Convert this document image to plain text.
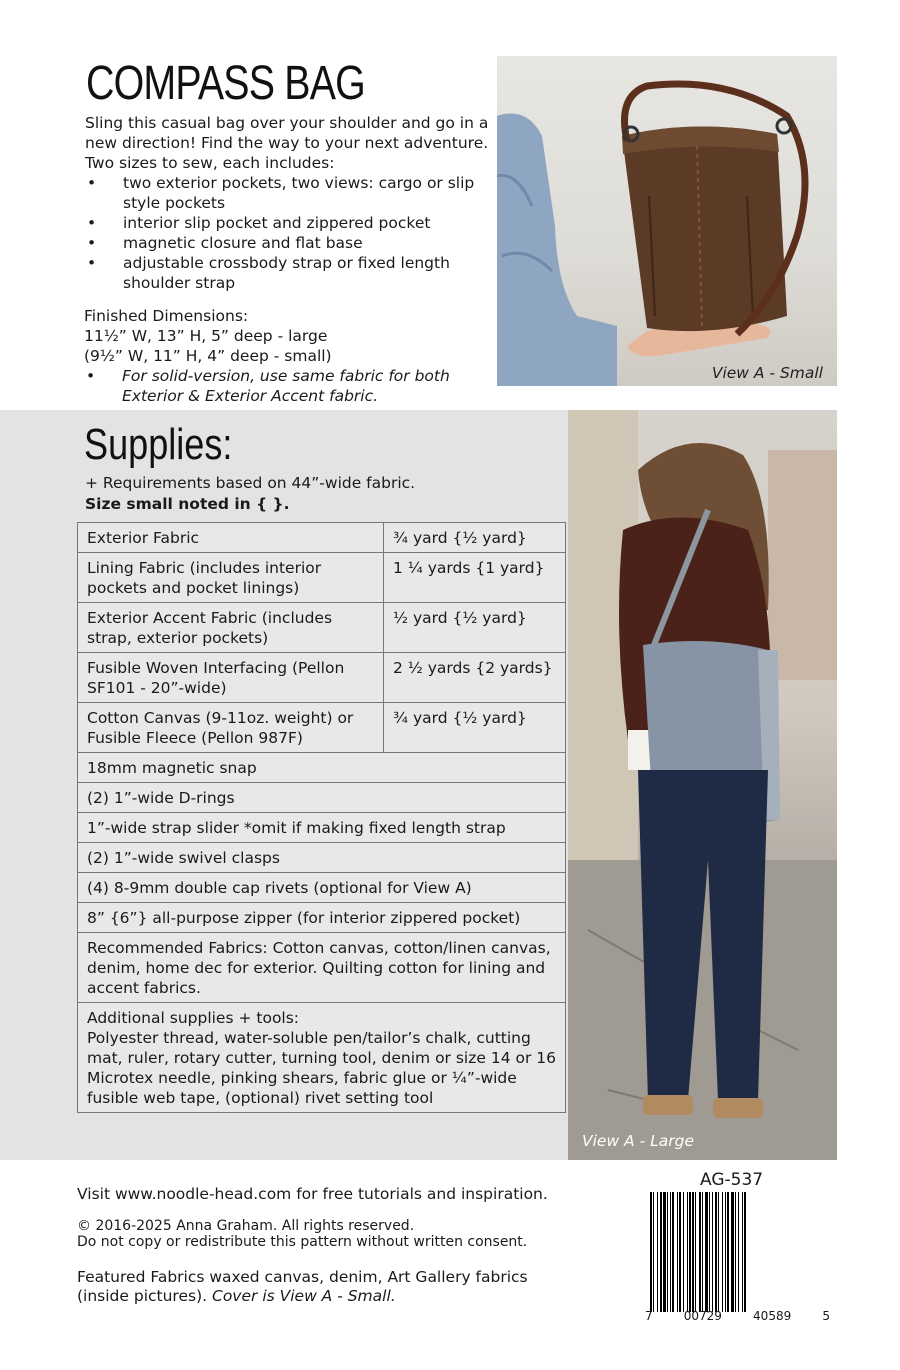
COMPASS BAG
Sling this casual bag over your shoulder and go in a new direction! Find the way to your next adventure. Two sizes to sew, each includes:
• two exterior pockets, two views: cargo or slip style pockets
• interior slip pocket and zippered pocket
• magnetic closure and flat base
• adjustable crossbody strap or fixed length shoulder strap
Finished Dimensions:
11½” W, 13” H, 5” deep - large
(9½” W, 11” H, 4” deep - small)
• For solid-version, use same fabric for both Exterior & Exterior Accent fabric.
View A - Small
Supplies:
+ Requirements based on 44”-wide fabric.
Size small noted in { }.
Exterior Fabric	¾ yard {½ yard}
Lining Fabric (includes interior pockets and pocket linings)	1 ¼ yards {1 yard}
Exterior Accent Fabric (includes strap, exterior pockets)	½ yard {½ yard}
Fusible Woven Interfacing (Pellon SF101 - 20”-wide)	2 ½ yards {2 yards}
Cotton Canvas (9-11oz. weight) or Fusible Fleece (Pellon 987F)	¾ yard {½ yard}
18mm magnetic snap	
(2) 1”-wide D-rings	
1”-wide strap slider *omit if making fixed length strap	
(2) 1”-wide swivel clasps	
(4) 8-9mm double cap rivets (optional for View A)	
8” {6”} all-purpose zipper (for interior zippered pocket)	
Recommended Fabrics: Cotton canvas, cotton/linen canvas, denim, home dec for exterior. Quilting cotton for lining and accent fabrics.	

Additional supplies + tools:
Polyester thread, water-soluble pen/tailor’s chalk, cutting mat, ruler, rotary cutter, turning tool, denim or size 14 or 16 Microtex needle, pinking shears, fabric glue or ¼”-wide fusible web tape, (optional) rivet setting tool	
View A - Large
Visit www.noodle-head.com for free tutorials and inspiration.
© 2016-2025 Anna Graham. All rights reserved.
Do not copy or redistribute this pattern without written consent.
Featured Fabrics waxed canvas, denim, Art Gallery fabrics (inside pictures). Cover is View A - Small.
AG-537
7	00729	40589	5
